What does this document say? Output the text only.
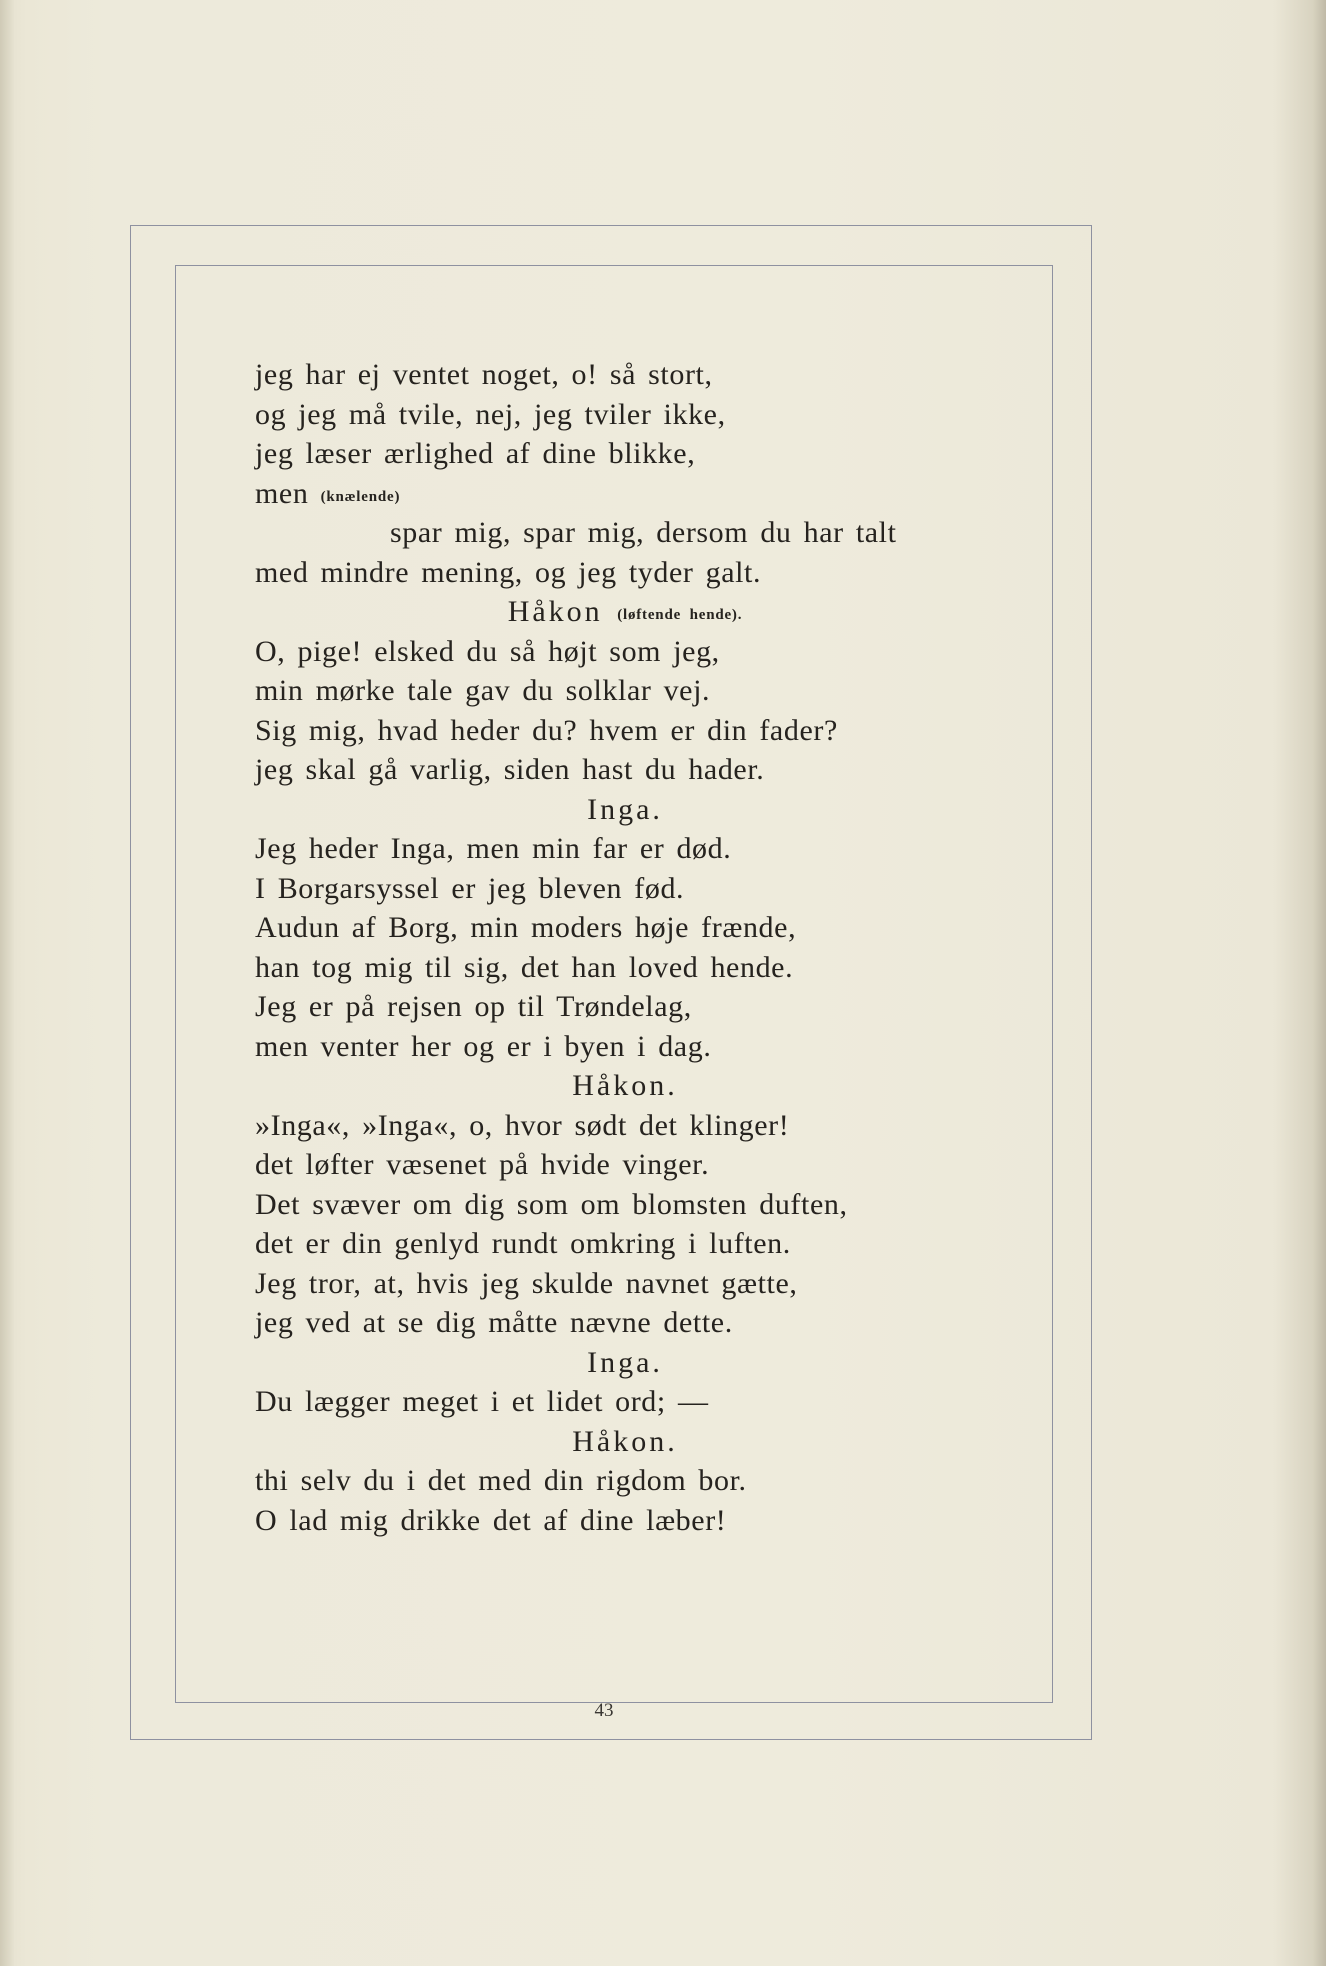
jeg har ej ventet noget, o! så stort,
og jeg må tvile, nej, jeg tviler ikke,
jeg læser ærlighed af dine blikke,
men (knælende)
spar mig, spar mig, dersom du har talt
med mindre mening, og jeg tyder galt.
Håkon (løftende hende).
O, pige! elsked du så højt som jeg,
min mørke tale gav du solklar vej.
Sig mig, hvad heder du? hvem er din fader?
jeg skal gå varlig, siden hast du hader.
Inga.
Jeg heder Inga, men min far er død.
I Borgarsyssel er jeg bleven fød.
Audun af Borg, min moders høje frænde,
han tog mig til sig, det han loved hende.
Jeg er på rejsen op til Trøndelag,
men venter her og er i byen i dag.
Håkon.
»Inga«, »Inga«, o, hvor sødt det klinger!
det løfter væsenet på hvide vinger.
Det svæver om dig som om blomsten duften,
det er din genlyd rundt omkring i luften.
Jeg tror, at, hvis jeg skulde navnet gætte,
jeg ved at se dig måtte nævne dette.
Inga.
Du lægger meget i et lidet ord; —
Håkon.
thi selv du i det med din rigdom bor.
O lad mig drikke det af dine læber!
43
